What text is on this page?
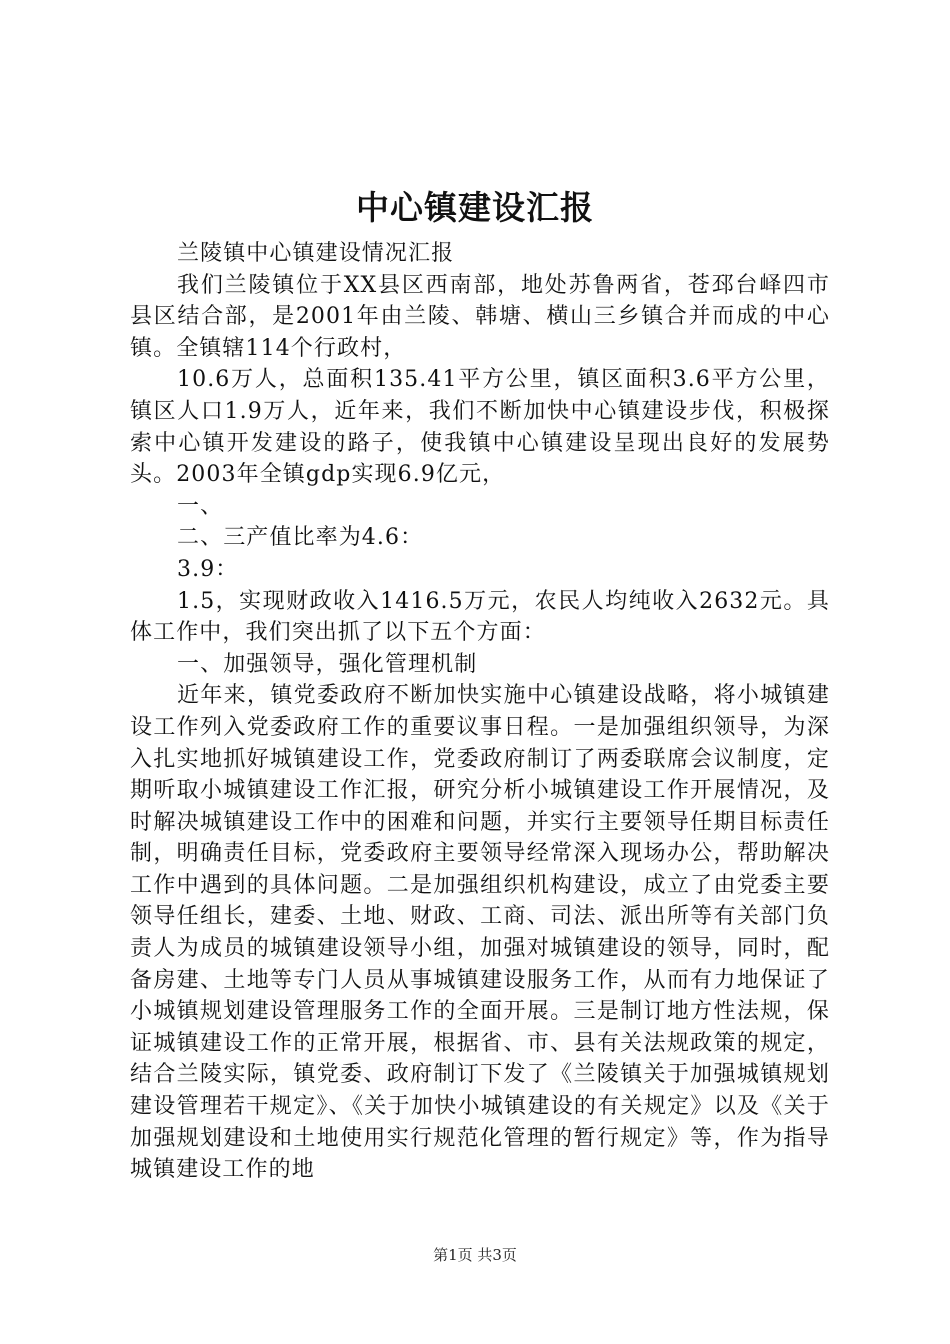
中心镇建设汇报

兰陵镇中心镇建设情况汇报

我们兰陵镇位于XX县区西南部，地处苏鲁两省，苍邳台峄四市县区结合部，是2001年由兰陵、韩塘、横山三乡镇合并而成的中心镇。全镇辖114个行政村，

10.6万人，总面积135.41平方公里，镇区面积3.6平方公里，镇区人口1.9万人，近年来，我们不断加快中心镇建设步伐，积极探索中心镇开发建设的路子，使我镇中心镇建设呈现出良好的发展势头。2003年全镇gdp实现6.9亿元，

一、

二、三产值比率为4.6：

3.9：

1.5，实现财政收入1416.5万元，农民人均纯收入2632元。具体工作中，我们突出抓了以下五个方面：

一、加强领导，强化管理机制

近年来，镇党委政府不断加快实施中心镇建设战略，将小城镇建设工作列入党委政府工作的重要议事日程。一是加强组织领导，为深入扎实地抓好城镇建设工作，党委政府制订了两委联席会议制度，定期听取小城镇建设工作汇报，研究分析小城镇建设工作开展情况，及时解决城镇建设工作中的困难和问题，并实行主要领导任期目标责任制，明确责任目标，党委政府主要领导经常深入现场办公，帮助解决工作中遇到的具体问题。二是加强组织机构建设，成立了由党委主要领导任组长，建委、土地、财政、工商、司法、派出所等有关部门负责人为成员的城镇建设领导小组，加强对城镇建设的领导，同时，配备房建、土地等专门人员从事城镇建设服务工作，从而有力地保证了小城镇规划建设管理服务工作的全面开展。三是制订地方性法规，保证城镇建设工作的正常开展，根据省、市、县有关法规政策的规定，结合兰陵实际，镇党委、政府制订下发了《兰陵镇关于加强城镇规划建设管理若干规定》、《关于加快小城镇建设的有关规定》以及《关于加强规划建设和土地使用实行规范化管理的暂行规定》等，作为指导城镇建设工作的地

第1页 共3页
